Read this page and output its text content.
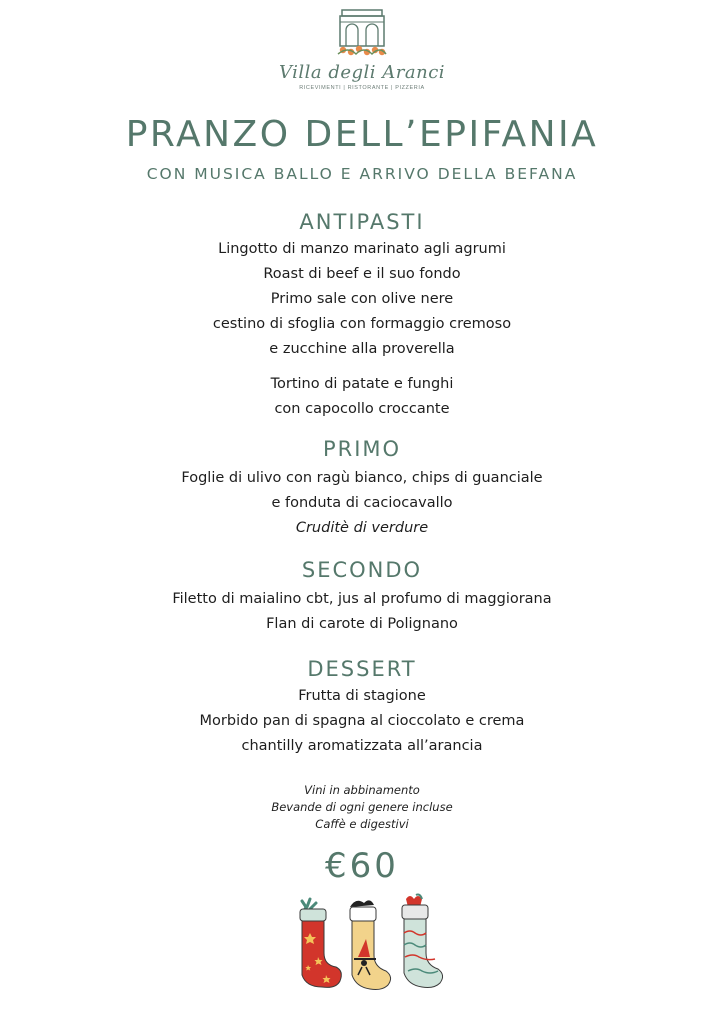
Villa degli Aranci
RICEVIMENTI | RISTORANTE | PIZZERIA
PRANZO DELL’EPIFANIA
CON MUSICA BALLO E ARRIVO DELLA BEFANA
ANTIPASTI
Lingotto di manzo marinato agli agrumi
Roast di beef e il suo fondo
Primo sale con olive nere
cestino di sfoglia con formaggio cremoso
e zucchine alla proverella
Tortino di patate e funghi
con capocollo croccante
PRIMO
Foglie di ulivo con ragù bianco, chips di guanciale
e fonduta di caciocavallo
Cruditè di verdure
SECONDO
Filetto di maialino cbt, jus al profumo di maggiorana
Flan di carote di Polignano
DESSERT
Frutta di stagione
Morbido pan di spagna al cioccolato e crema
chantilly aromatizzata all’arancia
Vini in abbinamento
Bevande di ogni genere incluse
Caffè e digestivi
€60
